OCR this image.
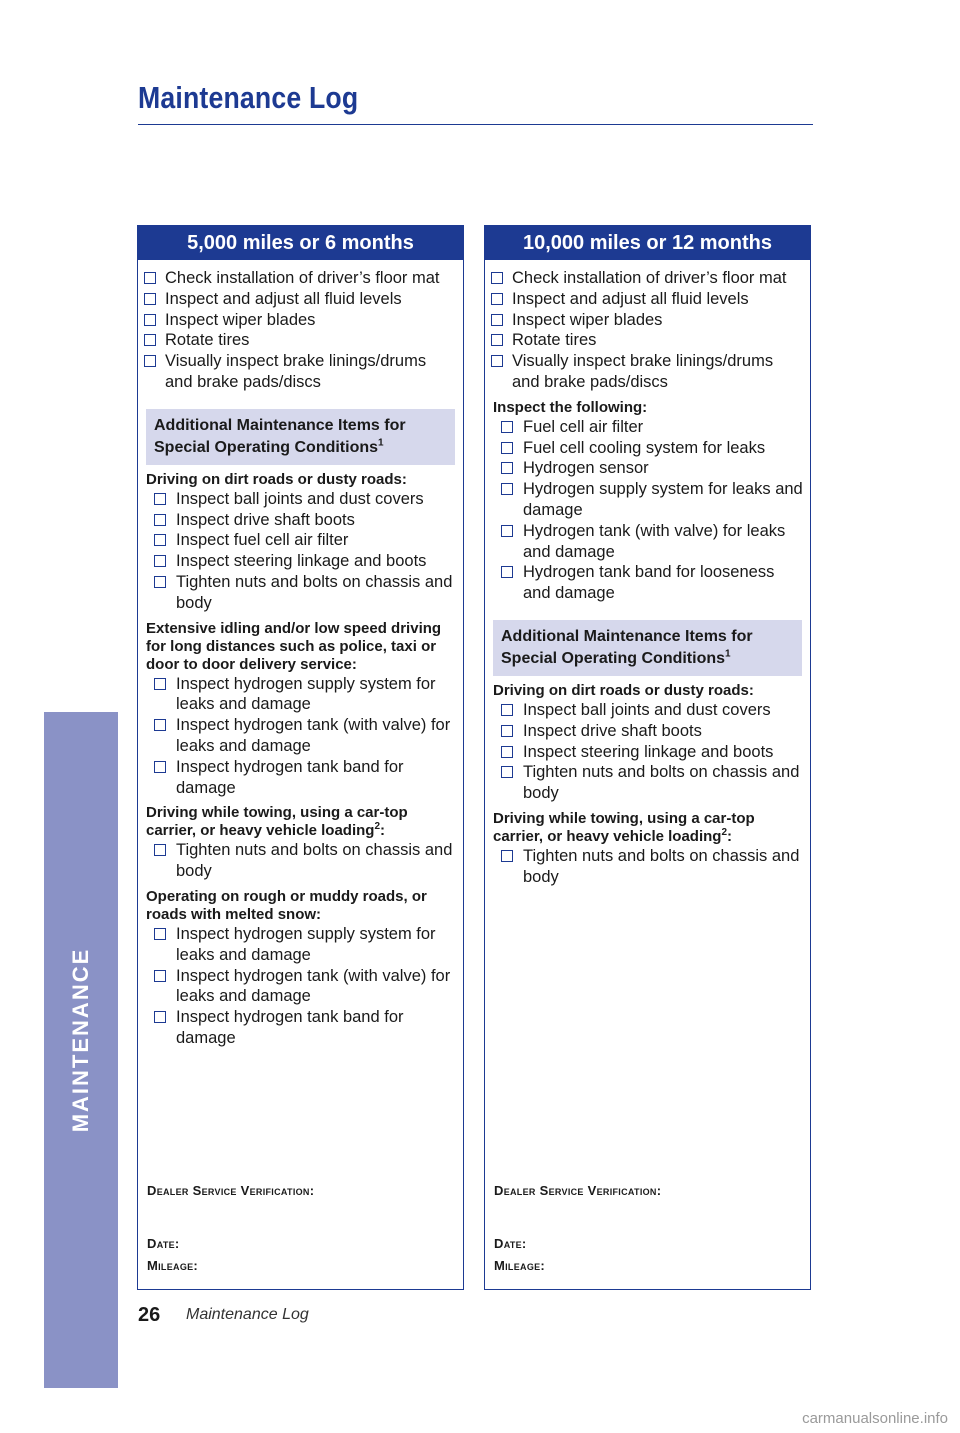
Maintenance Log
MAINTENANCE
5,000 miles or 6 months
Check installation of driver’s floor mat
Inspect and adjust all fluid levels
Inspect wiper blades
Rotate tires
Visually inspect brake linings/drums and brake pads/discs
Additional Maintenance Items for Special Operating Conditions$^1$
Driving on dirt roads or dusty roads:
Inspect ball joints and dust covers
Inspect drive shaft boots
Inspect fuel cell air filter
Inspect steering linkage and boots
Tighten nuts and bolts on chassis and body
Extensive idling and/or low speed driving for long distances such as police, taxi or door to door delivery service:
Inspect hydrogen supply system for leaks and damage
Inspect hydrogen tank (with valve) for leaks and damage
Inspect hydrogen tank band for damage
Driving while towing, using a car-top carrier, or heavy vehicle loading$^2$:
Tighten nuts and bolts on chassis and body
Operating on rough or muddy roads, or roads with melted snow:
Inspect hydrogen supply system for leaks and damage
Inspect hydrogen tank (with valve) for leaks and damage
Inspect hydrogen tank band for damage
Dealer Service Verification:
Date:
Mileage:
10,000 miles or 12 months
Check installation of driver’s floor mat
Inspect and adjust all fluid levels
Inspect wiper blades
Rotate tires
Visually inspect brake linings/drums and brake pads/discs
Inspect the following:
Fuel cell air filter
Fuel cell cooling system for leaks
Hydrogen sensor
Hydrogen supply system for leaks and damage
Hydrogen tank (with valve) for leaks and damage
Hydrogen tank band for looseness and damage
Additional Maintenance Items for Special Operating Conditions$^1$
Driving on dirt roads or dusty roads:
Inspect ball joints and dust covers
Inspect drive shaft boots
Inspect steering linkage and boots
Tighten nuts and bolts on chassis and body
Driving while towing, using a car-top carrier, or heavy vehicle loading$^2$:
Tighten nuts and bolts on chassis and body
Dealer Service Verification:
Date:
Mileage:
26 Maintenance Log
carmanualsonline.info
